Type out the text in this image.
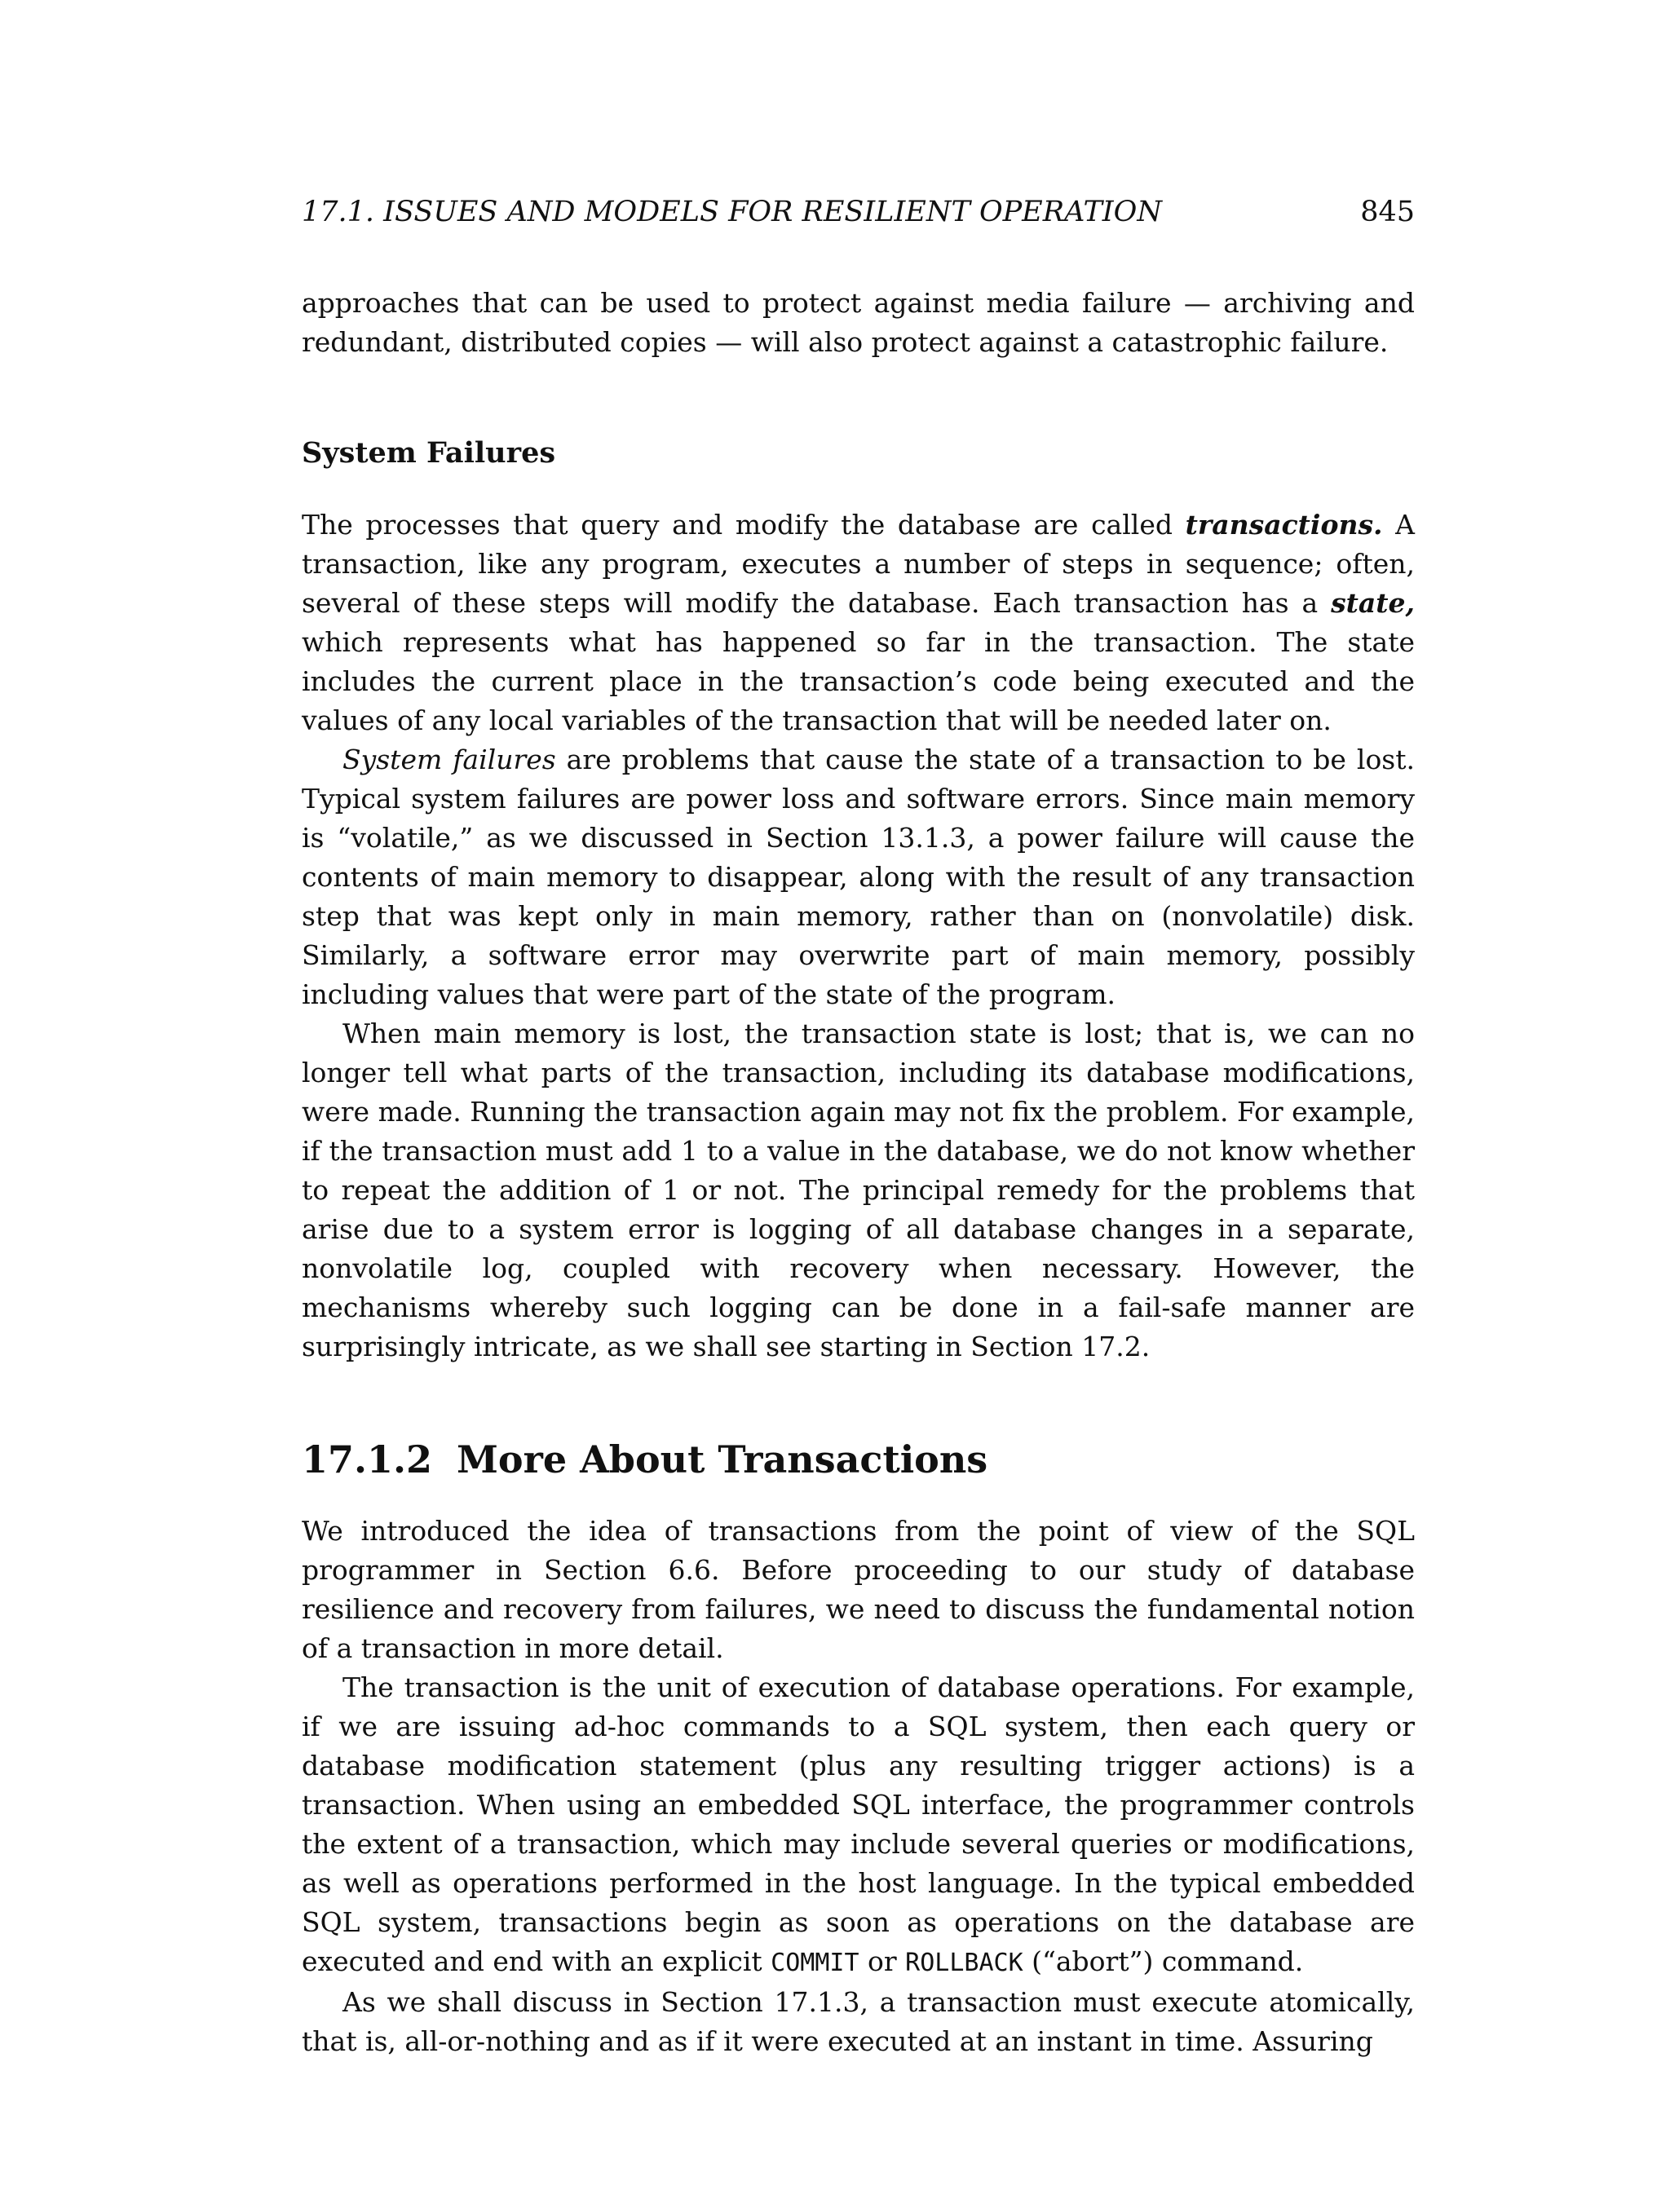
17.1. ISSUES AND MODELS FOR RESILIENT OPERATION	845

approaches that can be used to protect against media failure — archiving and redundant, distributed copies — will also protect against a catastrophic failure.

System Failures

The processes that query and modify the database are called transactions. A transaction, like any program, executes a number of steps in sequence; often, several of these steps will modify the database. Each transaction has a state, which represents what has happened so far in the transaction. The state includes the current place in the transaction’s code being executed and the values of any local variables of the transaction that will be needed later on.

System failures are problems that cause the state of a transaction to be lost. Typical system failures are power loss and software errors. Since main memory is “volatile,” as we discussed in Section 13.1.3, a power failure will cause the contents of main memory to disappear, along with the result of any transaction step that was kept only in main memory, rather than on (nonvolatile) disk. Similarly, a software error may overwrite part of main memory, possibly including values that were part of the state of the program.

When main memory is lost, the transaction state is lost; that is, we can no longer tell what parts of the transaction, including its database modifications, were made. Running the transaction again may not fix the problem. For example, if the transaction must add 1 to a value in the database, we do not know whether to repeat the addition of 1 or not. The principal remedy for the problems that arise due to a system error is logging of all database changes in a separate, nonvolatile log, coupled with recovery when necessary. However, the mechanisms whereby such logging can be done in a fail-safe manner are surprisingly intricate, as we shall see starting in Section 17.2.

17.1.2 More About Transactions

We introduced the idea of transactions from the point of view of the SQL programmer in Section 6.6. Before proceeding to our study of database resilience and recovery from failures, we need to discuss the fundamental notion of a transaction in more detail.

The transaction is the unit of execution of database operations. For example, if we are issuing ad-hoc commands to a SQL system, then each query or database modification statement (plus any resulting trigger actions) is a transaction. When using an embedded SQL interface, the programmer controls the extent of a transaction, which may include several queries or modifications, as well as operations performed in the host language. In the typical embedded SQL system, transactions begin as soon as operations on the database are executed and end with an explicit COMMIT or ROLLBACK (“abort”) command.

As we shall discuss in Section 17.1.3, a transaction must execute atomically, that is, all-or-nothing and as if it were executed at an instant in time. Assuring
